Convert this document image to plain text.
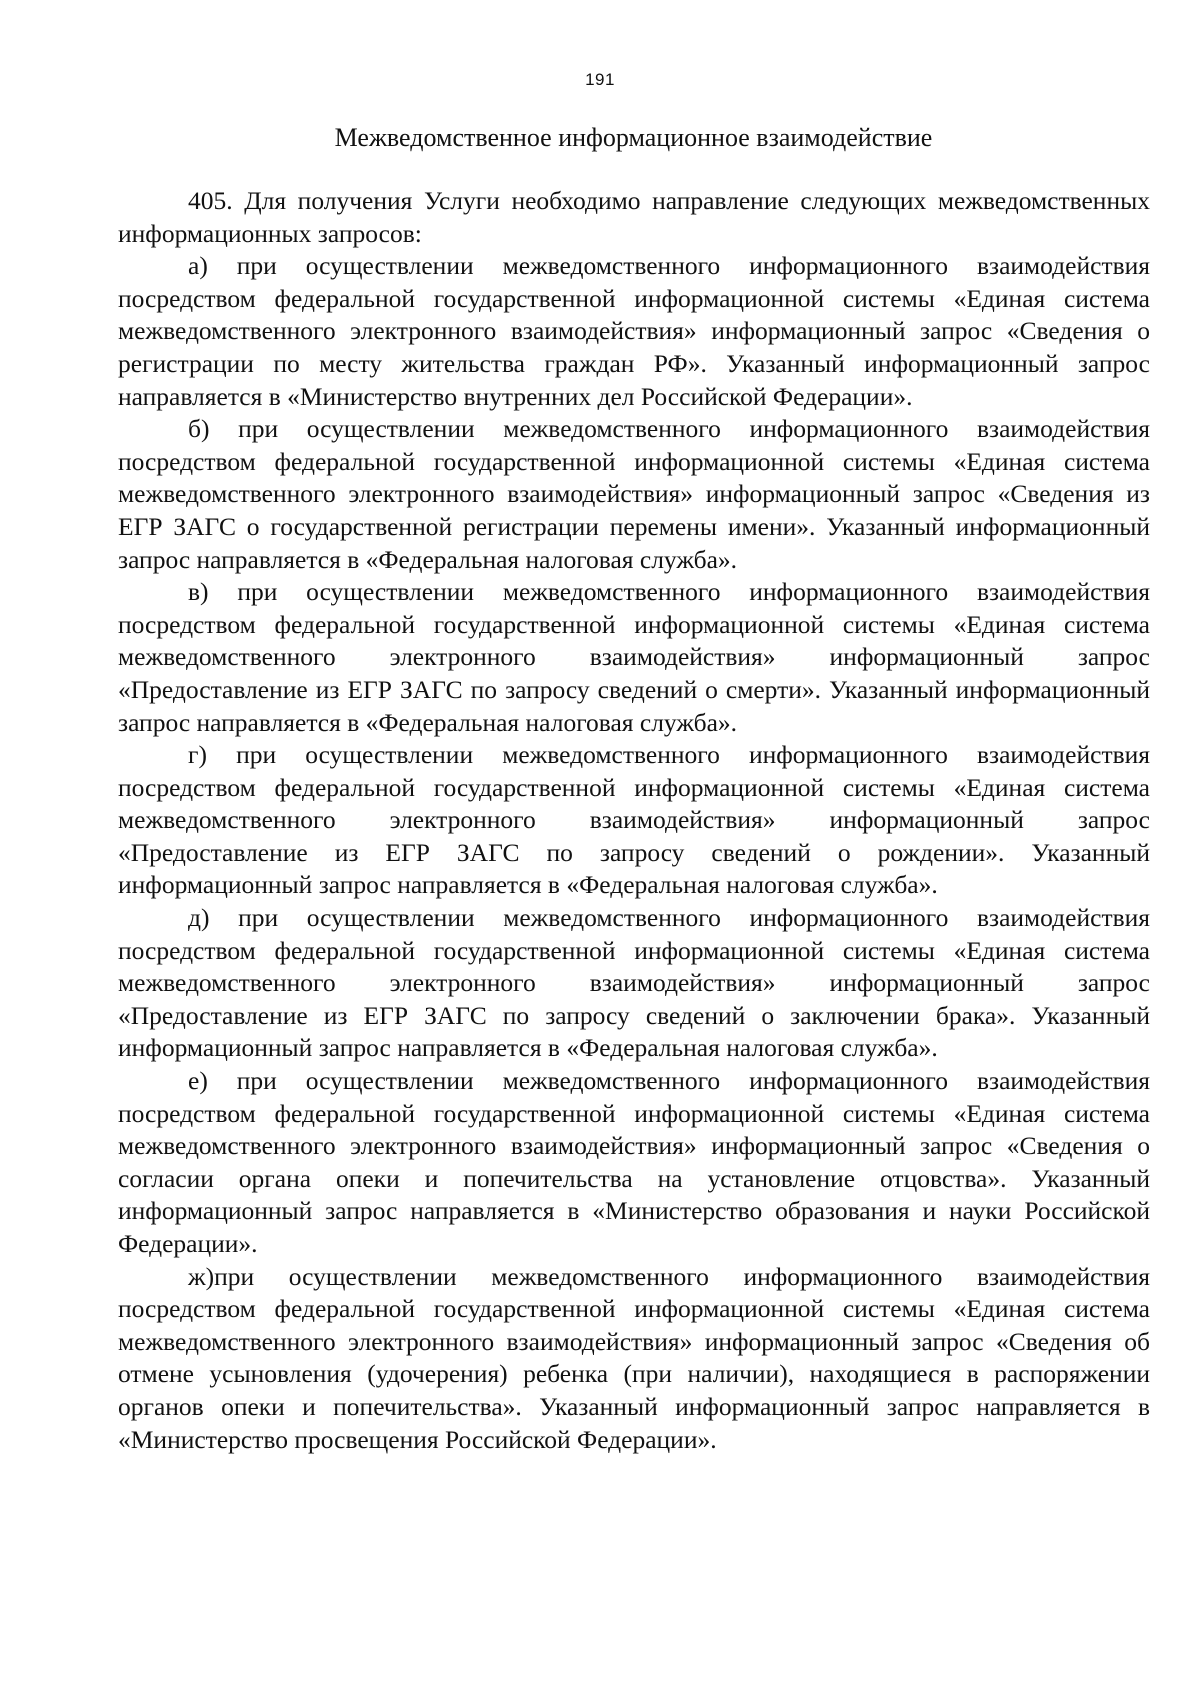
191
Межведомственное информационное взаимодействие

405. Для получения Услуги необходимо направление следующих межведомственных информационных запросов:

а) при осуществлении межведомственного информационного взаимодействия посредством федеральной государственной информационной системы «Единая система межведомственного электронного взаимодействия» информационный запрос «Сведения о регистрации по месту жительства граждан РФ». Указанный информационный запрос направляется в «Министерство внутренних дел Российской Федерации».

б) при осуществлении межведомственного информационного взаимодействия посредством федеральной государственной информационной системы «Единая система межведомственного электронного взаимодействия» информационный запрос «Сведения из ЕГР ЗАГС о государственной регистрации перемены имени». Указанный информационный запрос направляется в «Федеральная налоговая служба».

в) при осуществлении межведомственного информационного взаимодействия посредством федеральной государственной информационной системы «Единая система межведомственного электронного взаимодействия» информационный запрос «Предоставление из ЕГР ЗАГС по запросу сведений о смерти». Указанный информационный запрос направляется в «Федеральная налоговая служба».

г) при осуществлении межведомственного информационного взаимодействия посредством федеральной государственной информационной системы «Единая система межведомственного электронного взаимодействия» информационный запрос «Предоставление из ЕГР ЗАГС по запросу сведений о рождении». Указанный информационный запрос направляется в «Федеральная налоговая служба».

д) при осуществлении межведомственного информационного взаимодействия посредством федеральной государственной информационной системы «Единая система межведомственного электронного взаимодействия» информационный запрос «Предоставление из ЕГР ЗАГС по запросу сведений о заключении брака». Указанный информационный запрос направляется в «Федеральная налоговая служба».

е) при осуществлении межведомственного информационного взаимодействия посредством федеральной государственной информационной системы «Единая система межведомственного электронного взаимодействия» информационный запрос «Сведения о согласии органа опеки и попечительства на установление отцовства». Указанный информационный запрос направляется в «Министерство образования и науки Российской Федерации».

ж)при осуществлении межведомственного информационного взаимодействия посредством федеральной государственной информационной системы «Единая система межведомственного электронного взаимодействия» информационный запрос «Сведения об отмене усыновления (удочерения) ребенка (при наличии), находящиеся в распоряжении органов опеки и попечительства». Указанный информационный запрос направляется в «Министерство просвещения Российской Федерации».
